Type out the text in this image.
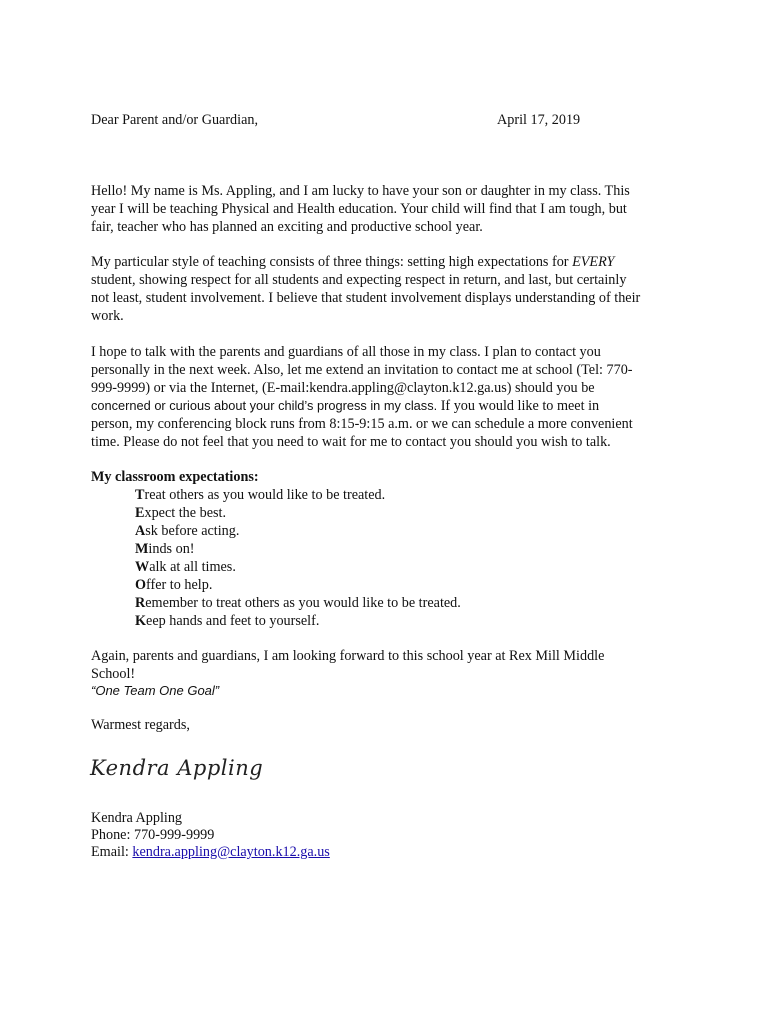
Dear Parent and/or Guardian,	April 17, 2019
Hello! My name is Ms. Appling, and I am lucky to have your son or daughter in my class. This
year I will be teaching Physical and Health education. Your child will find that I am tough, but
fair, teacher who has planned an exciting and productive school year.
My particular style of teaching consists of three things: setting high expectations for EVERY
student, showing respect for all students and expecting respect in return, and last, but certainly
not least, student involvement. I believe that student involvement displays understanding of their
work.
I hope to talk with the parents and guardians of all those in my class. I plan to contact you
personally in the next week. Also, let me extend an invitation to contact me at school (Tel: 770-
999-9999) or via the Internet, (E-mail:kendra.appling@clayton.k12.ga.us) should you be
concerned or curious about your child’s progress in my class. If you would like to meet in
person, my conferencing block runs from 8:15-9:15 a.m. or we can schedule a more convenient
time. Please do not feel that you need to wait for me to contact you should you wish to talk.
My classroom expectations:
Treat others as you would like to be treated.
Expect the best.
Ask before acting.
Minds on!
Walk at all times.
Offer to help.
Remember to treat others as you would like to be treated.
Keep hands and feet to yourself.
Again, parents and guardians, I am looking forward to this school year at Rex Mill Middle
School!
“One Team One Goal”
Warmest regards,
Kendra Appling
Kendra Appling
Phone: 770-999-9999
Email: kendra.appling@clayton.k12.ga.us
